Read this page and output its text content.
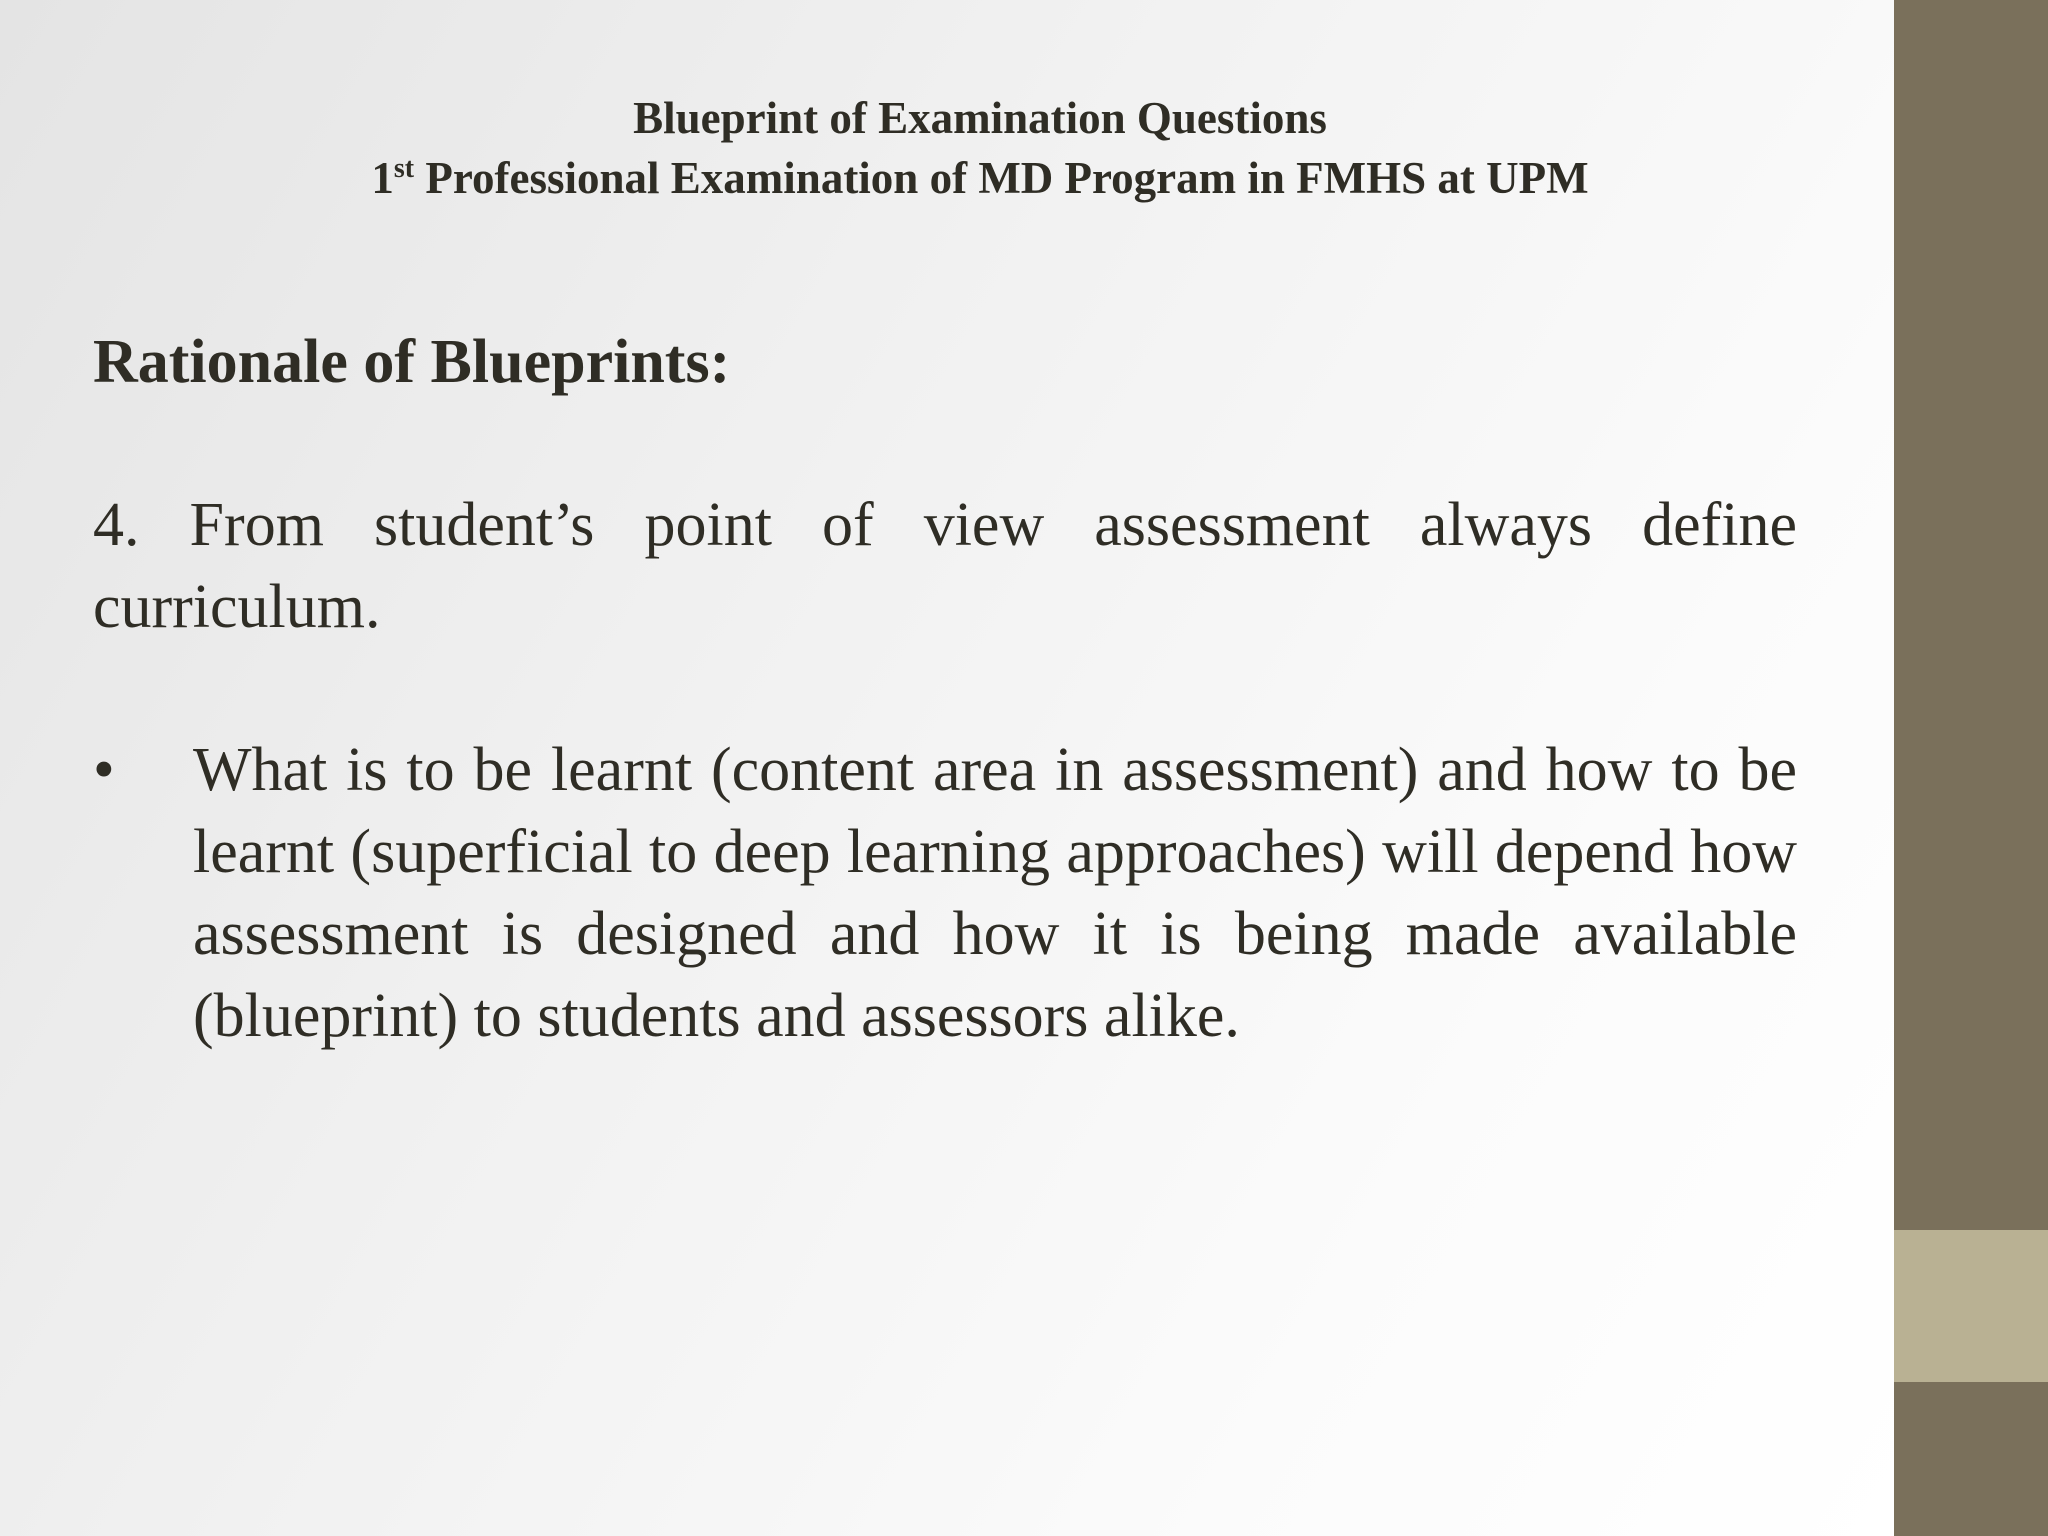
Blueprint of Examination Questions
1st Professional Examination of MD Program in FMHS at UPM
Rationale of Blueprints:
4. From student’s point of view assessment always define curriculum.
• What is to be learnt (content area in assessment) and how to be learnt (superficial to deep learning approaches) will depend how assessment is designed and how it is being made available (blueprint) to students and assessors alike.
